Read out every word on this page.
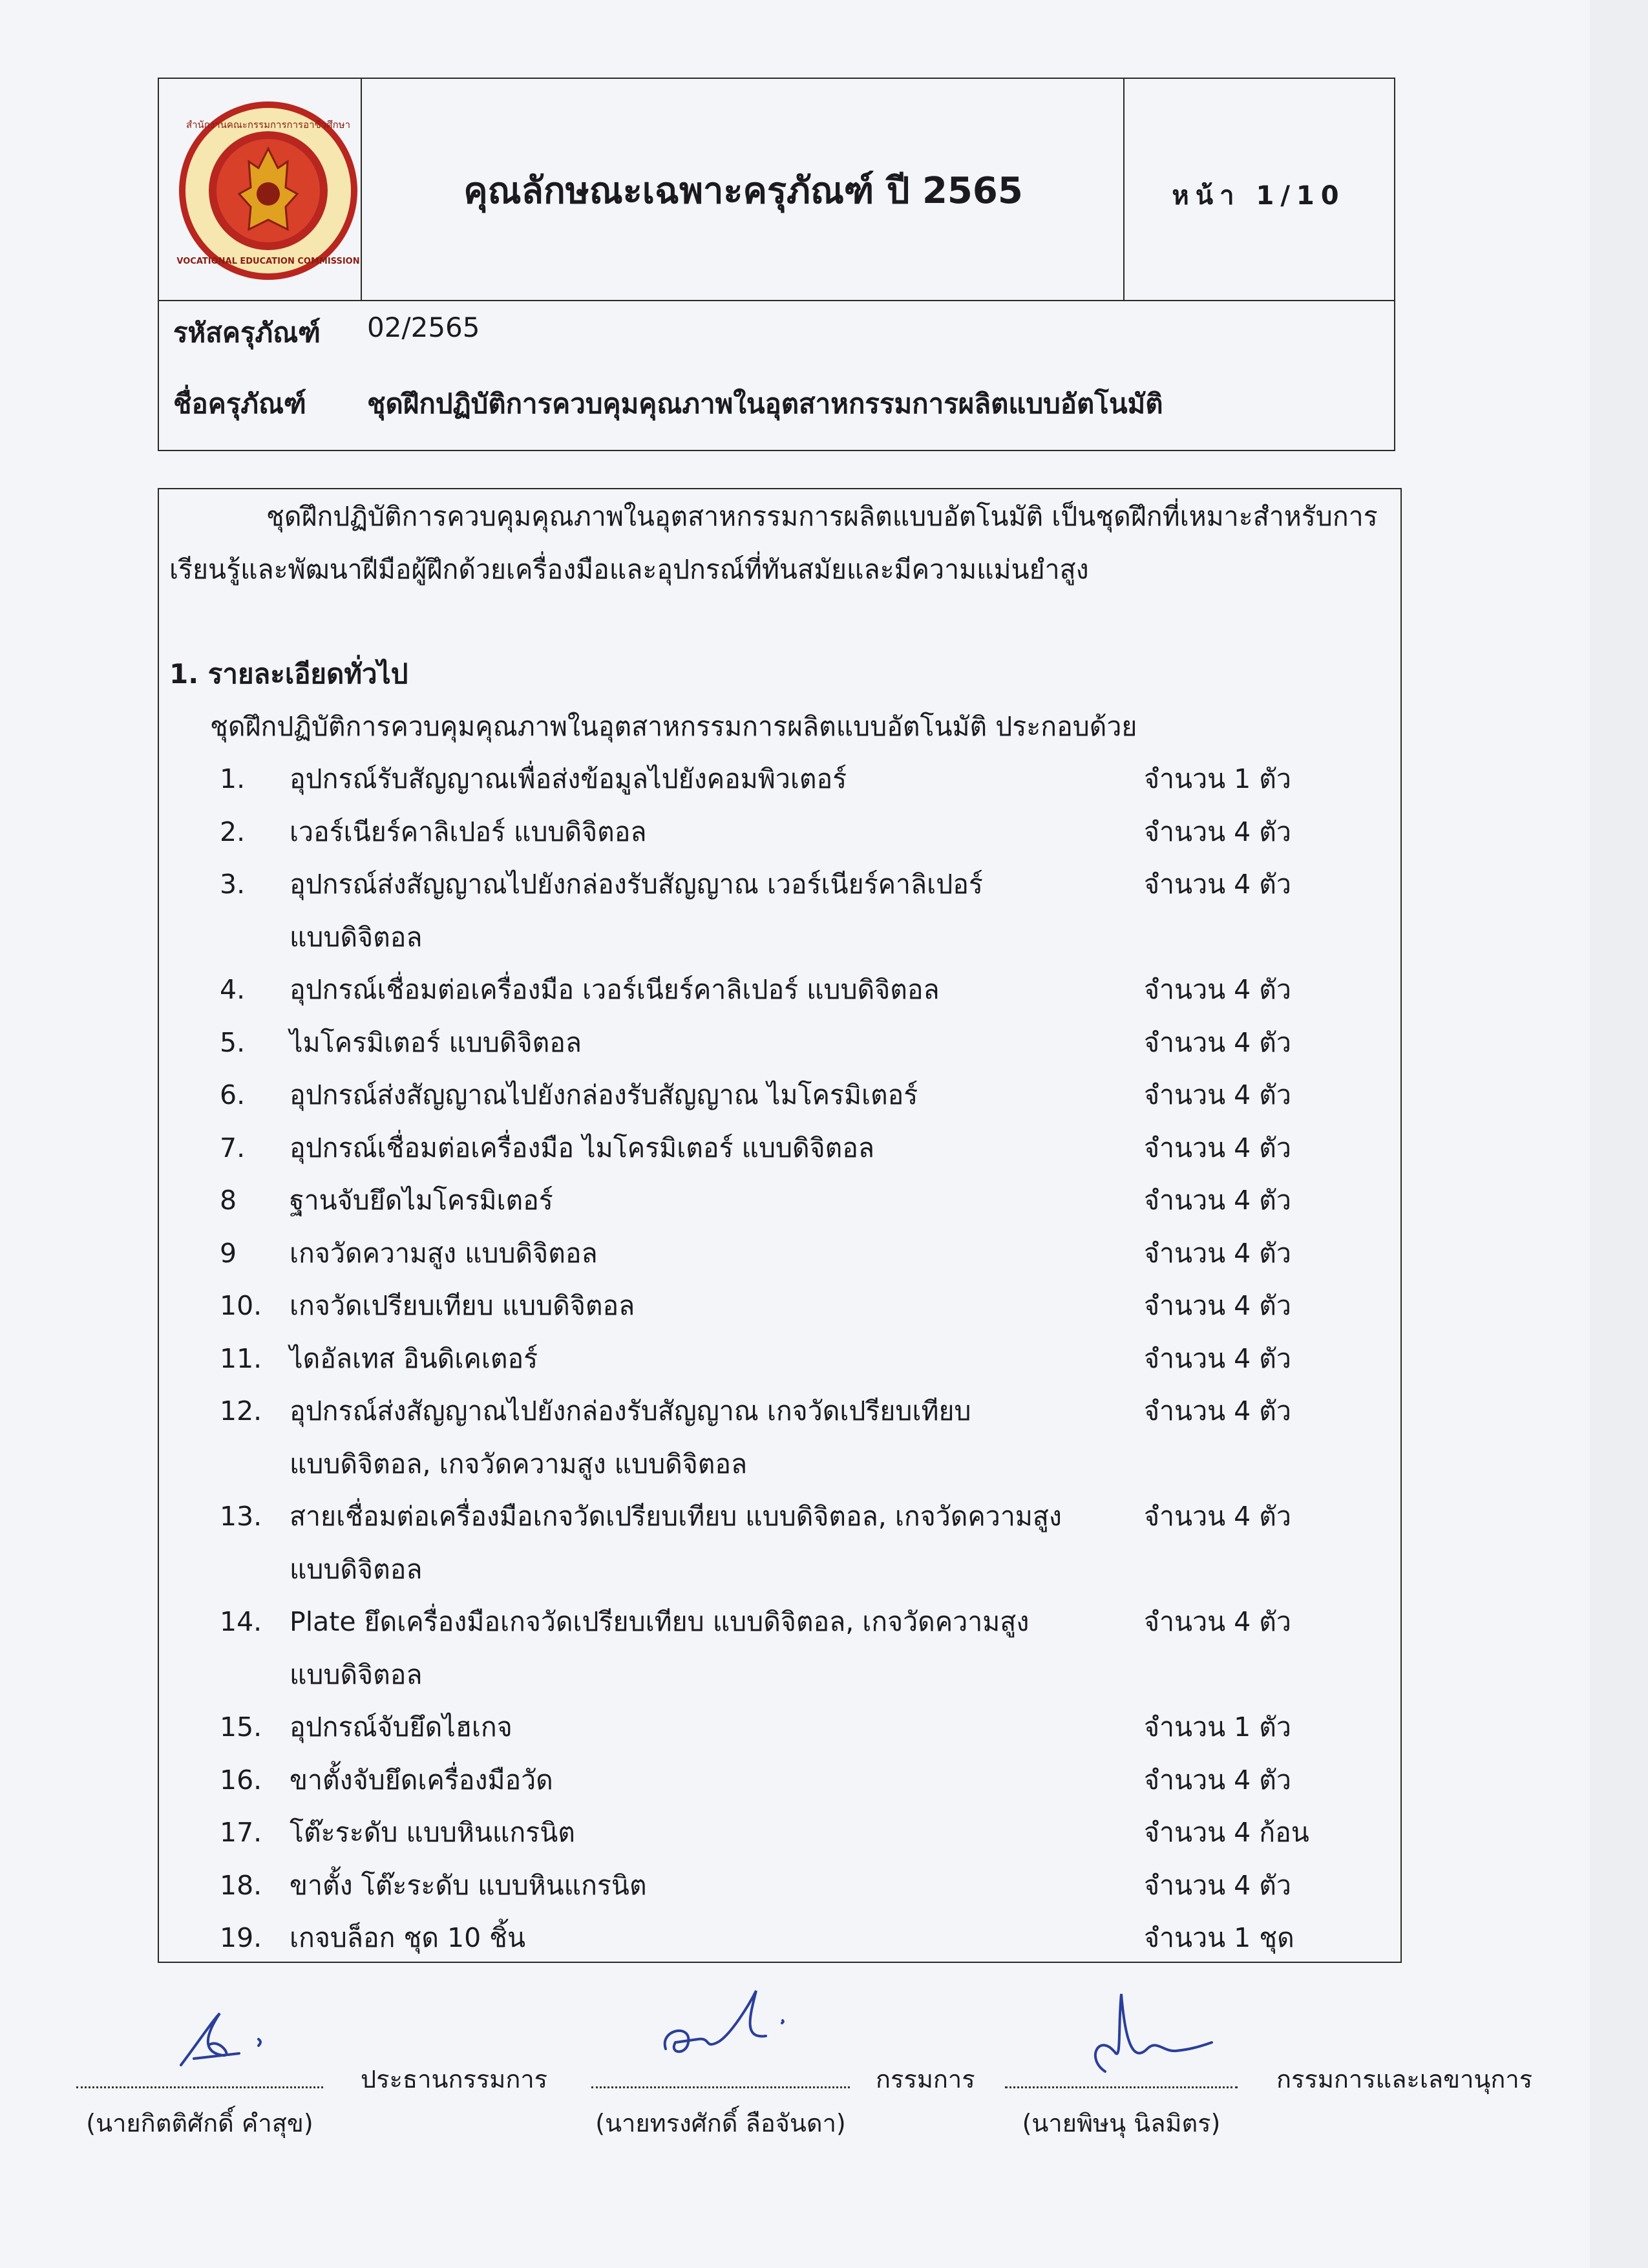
สำนักงานคณะกรรมการการอาชีวศึกษา
VOCATIONAL EDUCATION COMMISSION
คุณลักษณะเฉพาะครุภัณฑ์ ปี 2565	หน้า 1/10
รหัสครุภัณฑ์ 02/2565
ชื่อครุภัณฑ์ ชุดฝึกปฏิบัติการควบคุมคุณภาพในอุตสาหกรรมการผลิตแบบอัตโนมัติ
ชุดฝึกปฏิบัติการควบคุมคุณภาพในอุตสาหกรรมการผลิตแบบอัตโนมัติ เป็นชุดฝึกที่เหมาะสำหรับการ
เรียนรู้และพัฒนาฝีมือผู้ฝึกด้วยเครื่องมือและอุปกรณ์ที่ทันสมัยและมีความแม่นยำสูง
1. รายละเอียดทั่วไป
ชุดฝึกปฏิบัติการควบคุมคุณภาพในอุตสาหกรรมการผลิตแบบอัตโนมัติ ประกอบด้วย
1. อุปกรณ์รับสัญญาณเพื่อส่งข้อมูลไปยังคอมพิวเตอร์	จำนวน 1 ตัว
2. เวอร์เนียร์คาลิเปอร์ แบบดิจิตอล	จำนวน 4 ตัว
3. อุปกรณ์ส่งสัญญาณไปยังกล่องรับสัญญาณ เวอร์เนียร์คาลิเปอร์	จำนวน 4 ตัว
แบบดิจิตอล
4. อุปกรณ์เชื่อมต่อเครื่องมือ เวอร์เนียร์คาลิเปอร์ แบบดิจิตอล	จำนวน 4 ตัว
5. ไมโครมิเตอร์ แบบดิจิตอล	จำนวน 4 ตัว
6. อุปกรณ์ส่งสัญญาณไปยังกล่องรับสัญญาณ ไมโครมิเตอร์	จำนวน 4 ตัว
7. อุปกรณ์เชื่อมต่อเครื่องมือ ไมโครมิเตอร์ แบบดิจิตอล	จำนวน 4 ตัว
8 ฐานจับยึดไมโครมิเตอร์	จำนวน 4 ตัว
9 เกจวัดความสูง แบบดิจิตอล	จำนวน 4 ตัว
10. เกจวัดเปรียบเทียบ แบบดิจิตอล	จำนวน 4 ตัว
11. ไดอัลเทส อินดิเคเตอร์	จำนวน 4 ตัว
12. อุปกรณ์ส่งสัญญาณไปยังกล่องรับสัญญาณ เกจวัดเปรียบเทียบ	จำนวน 4 ตัว
แบบดิจิตอล, เกจวัดความสูง แบบดิจิตอล
13. สายเชื่อมต่อเครื่องมือเกจวัดเปรียบเทียบ แบบดิจิตอล, เกจวัดความสูง	จำนวน 4 ตัว
แบบดิจิตอล
14. Plate ยึดเครื่องมือเกจวัดเปรียบเทียบ แบบดิจิตอล, เกจวัดความสูง	จำนวน 4 ตัว
แบบดิจิตอล
15. อุปกรณ์จับยึดไฮเกจ	จำนวน 1 ตัว
16. ขาตั้งจับยึดเครื่องมือวัด	จำนวน 4 ตัว
17. โต๊ะระดับ แบบหินแกรนิต	จำนวน 4 ก้อน
18. ขาตั้ง โต๊ะระดับ แบบหินแกรนิต	จำนวน 4 ตัว
19. เกจบล็อก ชุด 10 ชิ้น	จำนวน 1 ชุด
ประธานกรรมการ
(นายกิตติศักดิ์ คำสุข)
กรรมการ
(นายทรงศักดิ์ ลือจันดา)
กรรมการและเลขานุการ
(นายพิษนุ นิลมิตร)
